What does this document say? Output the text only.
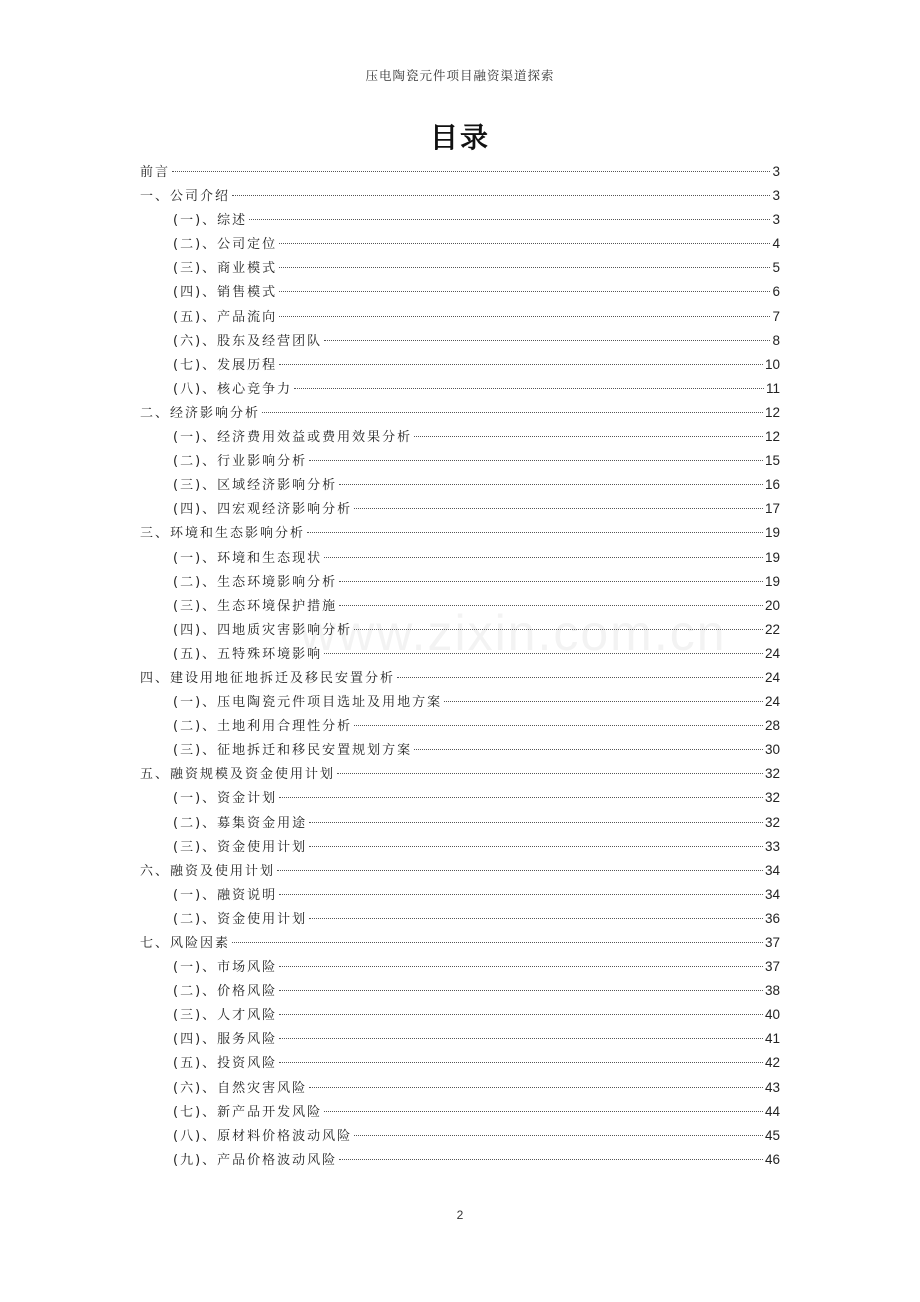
压电陶瓷元件项目融资渠道探索
目录
www.zixin.com.cn
前言	3
一、公司介绍	3
(一)、综述	3
(二)、公司定位	4
(三)、商业模式	5
(四)、销售模式	6
(五)、产品流向	7
(六)、股东及经营团队	8
(七)、发展历程	10
(八)、核心竞争力	11
二、经济影响分析	12
(一)、经济费用效益或费用效果分析	12
(二)、行业影响分析	15
(三)、区域经济影响分析	16
(四)、四宏观经济影响分析	17
三、环境和生态影响分析	19
(一)、环境和生态现状	19
(二)、生态环境影响分析	19
(三)、生态环境保护措施	20
(四)、四地质灾害影响分析	22
(五)、五特殊环境影响	24
四、建设用地征地拆迁及移民安置分析	24
(一)、压电陶瓷元件项目选址及用地方案	24
(二)、土地利用合理性分析	28
(三)、征地拆迁和移民安置规划方案	30
五、融资规模及资金使用计划	32
(一)、资金计划	32
(二)、募集资金用途	32
(三)、资金使用计划	33
六、融资及使用计划	34
(一)、融资说明	34
(二)、资金使用计划	36
七、风险因素	37
(一)、市场风险	37
(二)、价格风险	38
(三)、人才风险	40
(四)、服务风险	41
(五)、投资风险	42
(六)、自然灾害风险	43
(七)、新产品开发风险	44
(八)、原材料价格波动风险	45
(九)、产品价格波动风险	46
2
